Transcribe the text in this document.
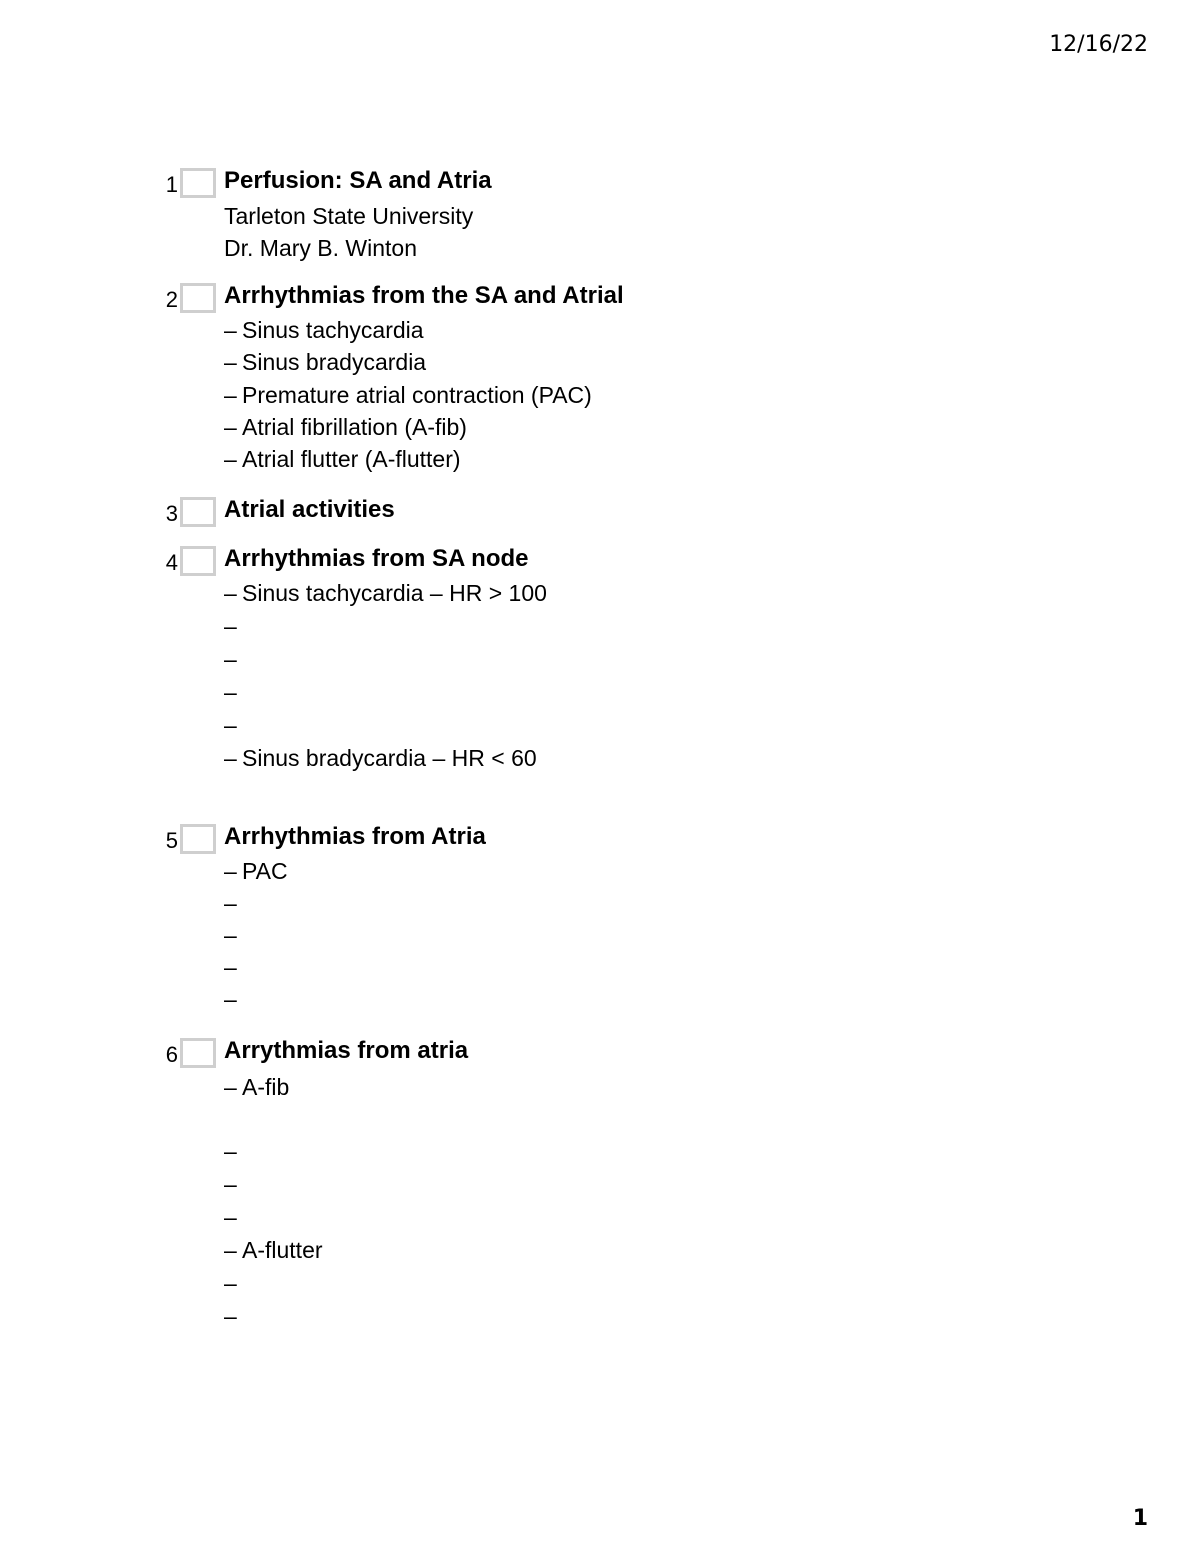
12/16/22
1 Perfusion: SA and Atria
Tarleton State University
Dr. Mary B. Winton
2 Arrhythmias from the SA and Atrial
– Sinus tachycardia
– Sinus bradycardia
– Premature atrial contraction (PAC)
– Atrial fibrillation (A-fib)
– Atrial flutter (A-flutter)
3 Atrial activities
4 Arrhythmias from SA node
– Sinus tachycardia – HR > 100
–
–
–
–
– Sinus bradycardia – HR < 60
5 Arrhythmias from Atria
– PAC
–
–
–
–
6 Arrythmias from atria
– A-fib
–
–
–
– A-flutter
–
–
1
